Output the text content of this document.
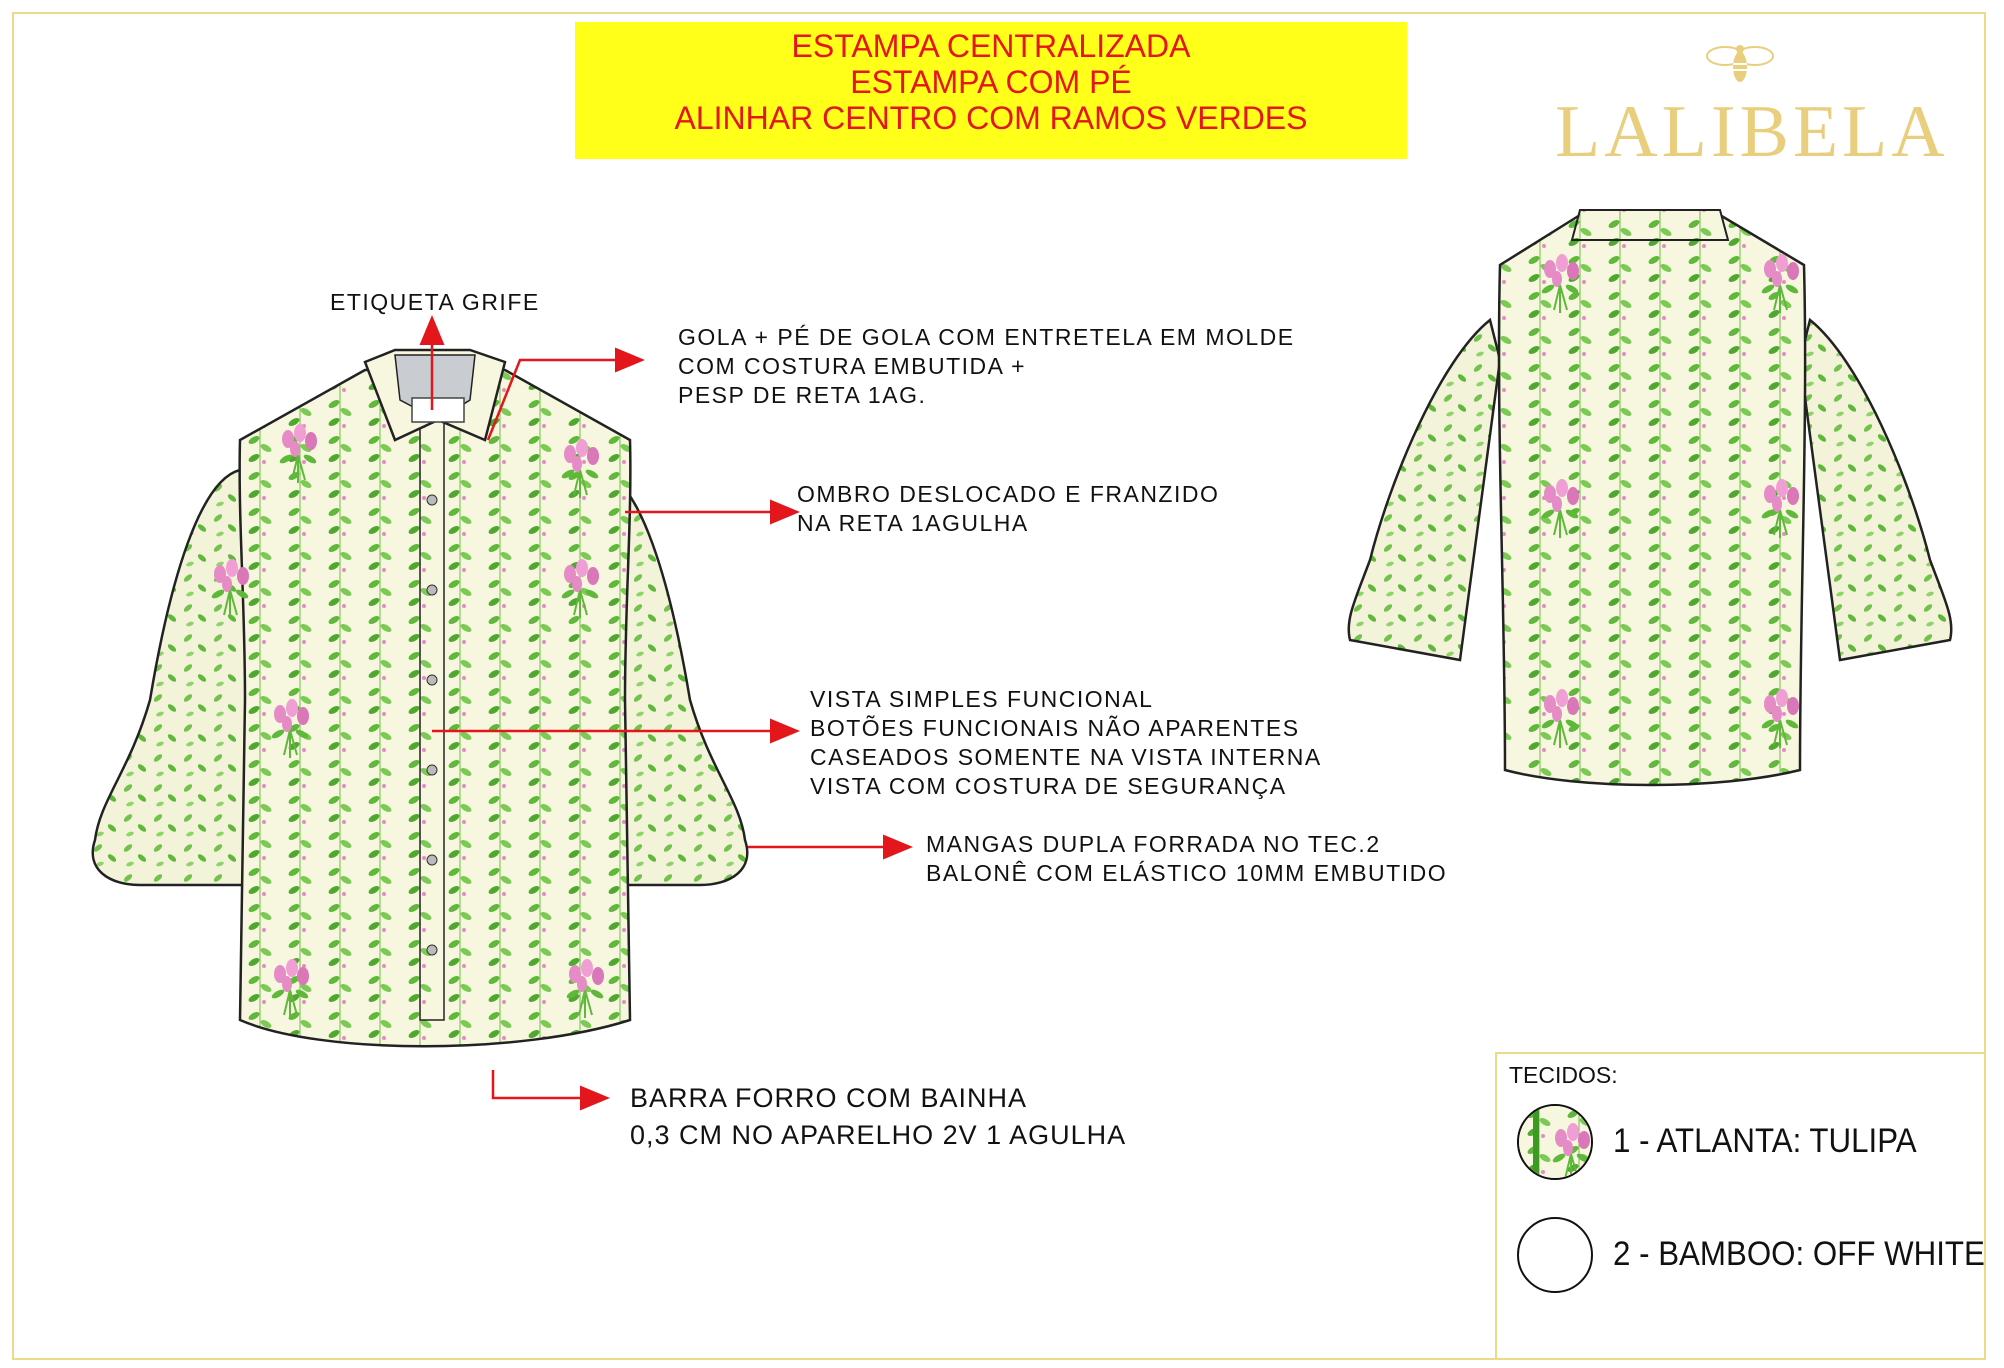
ESTAMPA CENTRALIZADA
ESTAMPA COM PÉ
ALINHAR CENTRO COM RAMOS VERDES	LALIBELA
ETIQUETA GRIFE
GOLA + PÉ DE GOLA COM ENTRETELA EM MOLDE
COM COSTURA EMBUTIDA +
PESP DE RETA 1AG.
OMBRO DESLOCADO E FRANZIDO
NA RETA 1AGULHA
VISTA SIMPLES FUNCIONAL
BOTÕES FUNCIONAIS NÃO APARENTES
CASEADOS SOMENTE NA VISTA INTERNA
VISTA COM COSTURA DE SEGURANÇA
MANGAS DUPLA FORRADA NO TEC.2
BALONÊ COM ELÁSTICO 10MM EMBUTIDO
BARRA FORRO COM BAINHA
0,3 CM NO APARELHO 2V 1 AGULHA
TECIDOS:
1 - ATLANTA: TULIPA
2 - BAMBOO: OFF WHITE
